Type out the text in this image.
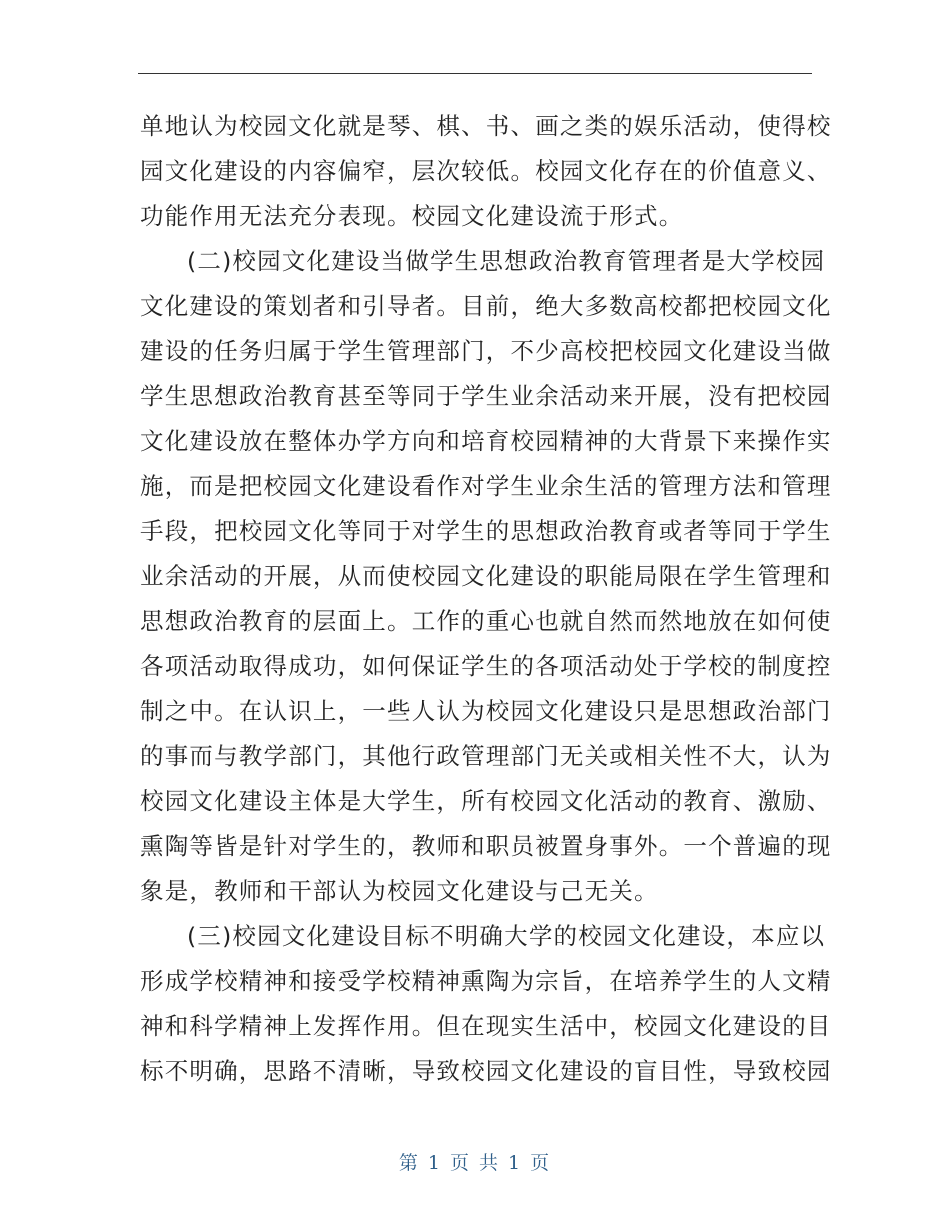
单地认为校园文化就是琴、棋、书、画之类的娱乐活动，使得校
园文化建设的内容偏窄，层次较低。校园文化存在的价值意义、
功能作用无法充分表现。校园文化建设流于形式。
(二)校园文化建设当做学生思想政治教育管理者是大学校园
文化建设的策划者和引导者。目前，绝大多数高校都把校园文化
建设的任务归属于学生管理部门，不少高校把校园文化建设当做
学生思想政治教育甚至等同于学生业余活动来开展，没有把校园
文化建设放在整体办学方向和培育校园精神的大背景下来操作实
施，而是把校园文化建设看作对学生业余生活的管理方法和管理
手段，把校园文化等同于对学生的思想政治教育或者等同于学生
业余活动的开展，从而使校园文化建设的职能局限在学生管理和
思想政治教育的层面上。工作的重心也就自然而然地放在如何使
各项活动取得成功，如何保证学生的各项活动处于学校的制度控
制之中。在认识上，一些人认为校园文化建设只是思想政治部门
的事而与教学部门，其他行政管理部门无关或相关性不大，认为
校园文化建设主体是大学生，所有校园文化活动的教育、激励、
熏陶等皆是针对学生的，教师和职员被置身事外。一个普遍的现
象是，教师和干部认为校园文化建设与己无关。
(三)校园文化建设目标不明确大学的校园文化建设，本应以
形成学校精神和接受学校精神熏陶为宗旨，在培养学生的人文精
神和科学精神上发挥作用。但在现实生活中，校园文化建设的目
标不明确，思路不清晰，导致校园文化建设的盲目性，导致校园
第 1 页 共 1 页
